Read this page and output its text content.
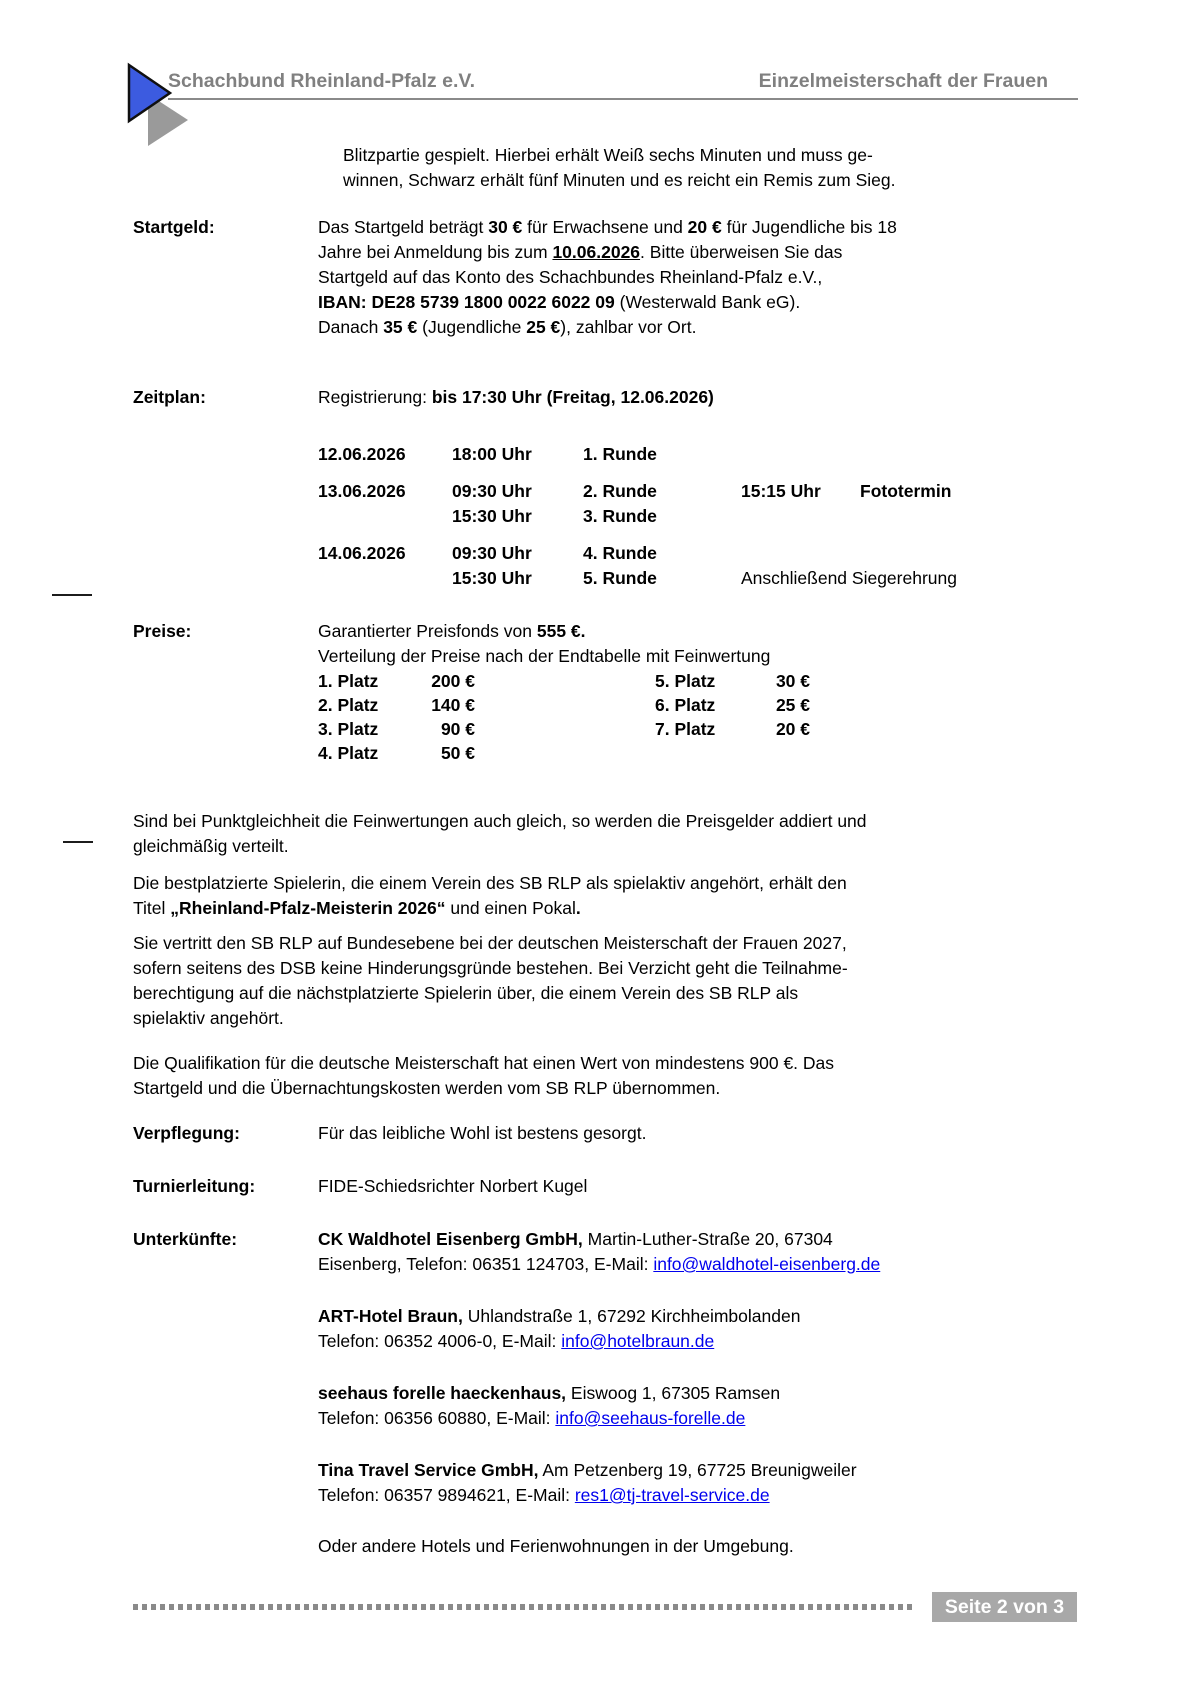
Schachbund Rheinland-Pfalz e.V.	Einzelmeisterschaft der Frauen

Blitzpartie gespielt. Hierbei erhält Weiß sechs Minuten und muss ge-
winnen, Schwarz erhält fünf Minuten und es reicht ein Remis zum Sieg.

Startgeld:	Das Startgeld beträgt 30 € für Erwachsene und 20 € für Jugendliche bis 18
Jahre bei Anmeldung bis zum 10.06.2026. Bitte überweisen Sie das
Startgeld auf das Konto des Schachbundes Rheinland-Pfalz e.V.,
IBAN: DE28 5739 1800 0022 6022 09 (Westerwald Bank eG).
Danach 35 € (Jugendliche 25 €), zahlbar vor Ort.
Zeitplan:	Registrierung: bis 17:30 Uhr (Freitag, 12.06.2026)
12.06.2026	18:00 Uhr	1. Runde
13.06.2026	09:30 Uhr	2. Runde	15:15 Uhr	Fototermin
15:30 Uhr	3. Runde
14.06.2026	09:30 Uhr	4. Runde
15:30 Uhr	5. Runde	Anschließend Siegerehrung
Preise:	Garantierter Preisfonds von 555 €.
Verteilung der Preise nach der Endtabelle mit Feinwertung
1. Platz	200 €	5. Platz	30 €
2. Platz	140 €	6. Platz	25 €
3. Platz	90 €	7. Platz	20 €
4. Platz	50 €

Sind bei Punktgleichheit die Feinwertungen auch gleich, so werden die Preisgelder addiert und
gleichmäßig verteilt.

Die bestplatzierte Spielerin, die einem Verein des SB RLP als spielaktiv angehört, erhält den
Titel „Rheinland-Pfalz-Meisterin 2026“ und einen Pokal.

Sie vertritt den SB RLP auf Bundesebene bei der deutschen Meisterschaft der Frauen 2027,
sofern seitens des DSB keine Hinderungsgründe bestehen. Bei Verzicht geht die Teilnahme-
berechtigung auf die nächstplatzierte Spielerin über, die einem Verein des SB RLP als
spielaktiv angehört.

Die Qualifikation für die deutsche Meisterschaft hat einen Wert von mindestens 900 €. Das
Startgeld und die Übernachtungskosten werden vom SB RLP übernommen.

Verpflegung:	Für das leibliche Wohl ist bestens gesorgt.
Turnierleitung:	FIDE-Schiedsrichter Norbert Kugel
Unterkünfte:	CK Waldhotel Eisenberg GmbH, Martin-Luther-Straße 20, 67304
Eisenberg, Telefon: 06351 124703, E-Mail: info@waldhotel-eisenberg.de
ART-Hotel Braun, Uhlandstraße 1, 67292 Kirchheimbolanden
Telefon: 06352 4006-0, E-Mail: info@hotelbraun.de
seehaus forelle haeckenhaus, Eiswoog 1, 67305 Ramsen
Telefon: 06356 60880, E-Mail: info@seehaus-forelle.de
Tina Travel Service GmbH, Am Petzenberg 19, 67725 Breunigweiler
Telefon: 06357 9894621, E-Mail: res1@tj-travel-service.de
Oder andere Hotels und Ferienwohnungen in der Umgebung.
Seite 2 von 3
